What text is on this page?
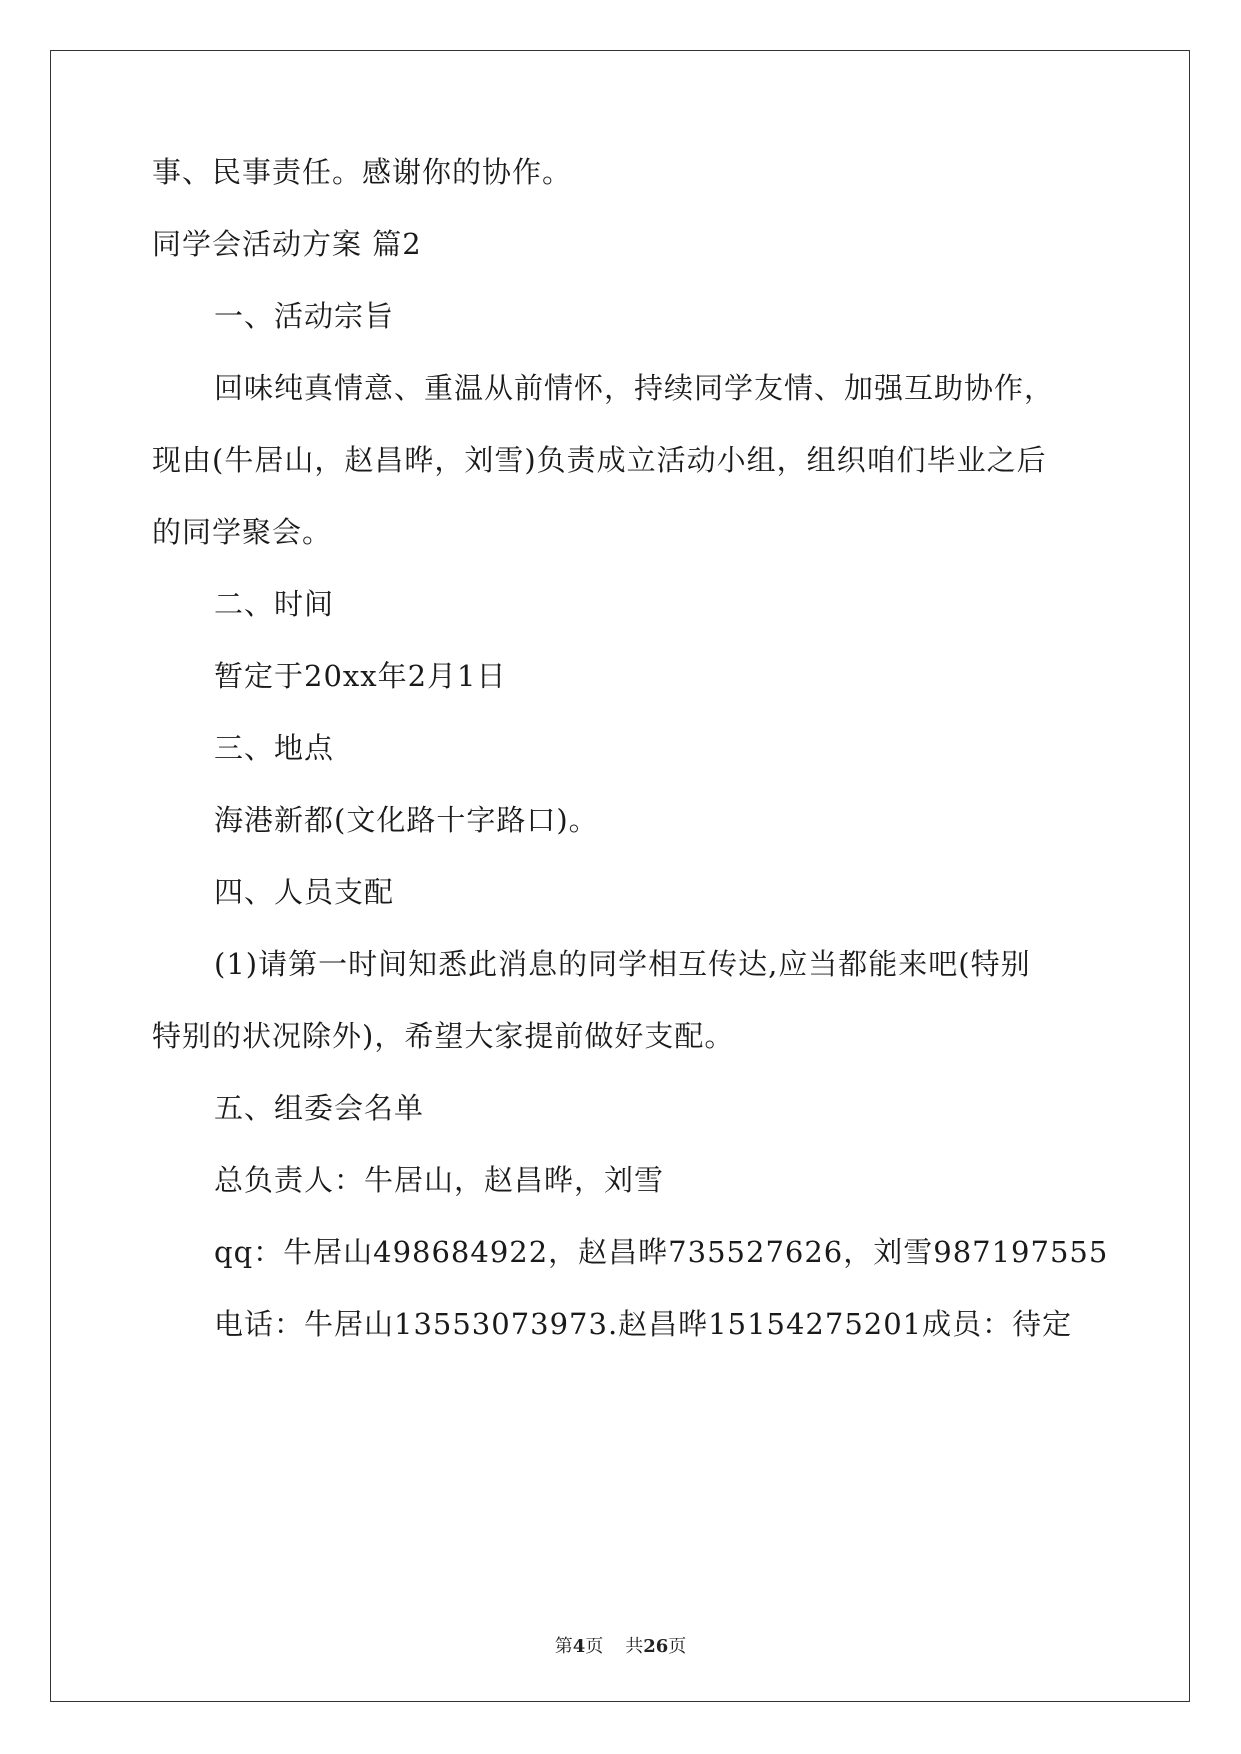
事、民事责任。感谢你的协作。
同学会活动方案 篇2
一、活动宗旨
回味纯真情意、重温从前情怀，持续同学友情、加强互助协作，
现由(牛居山，赵昌晔，刘雪)负责成立活动小组，组织咱们毕业之后
的同学聚会。
二、时间
暂定于20xx年2月1日
三、地点
海港新都(文化路十字路口)。
四、人员支配
(1)请第一时间知悉此消息的同学相互传达,应当都能来吧(特别
特别的状况除外)，希望大家提前做好支配。
五、组委会名单
总负责人：牛居山，赵昌晔，刘雪
qq：牛居山498684922，赵昌晔735527626，刘雪987197555
电话：牛居山13553073973.赵昌晔15154275201成员：待定
第4页 共26页
